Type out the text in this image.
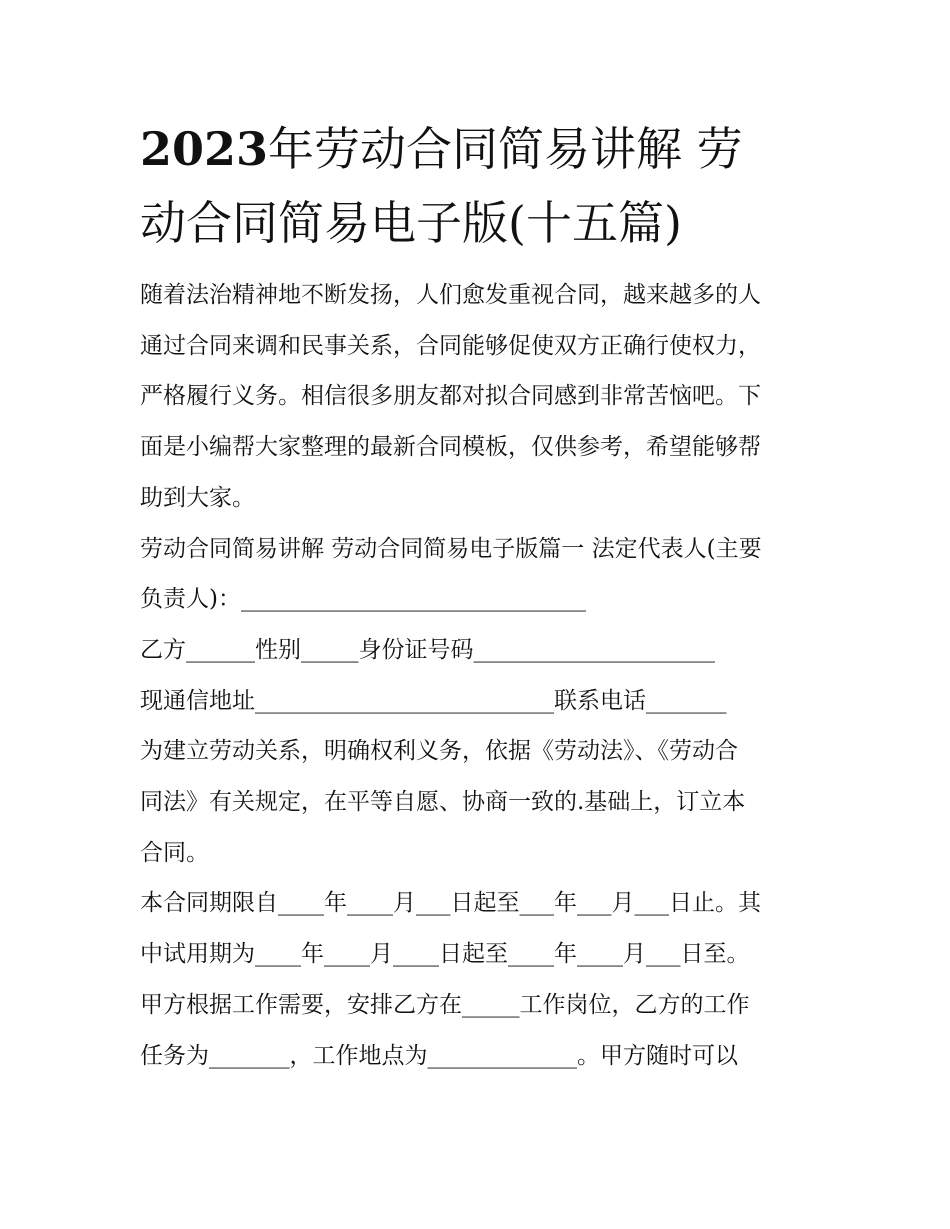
2023年劳动合同简易讲解 劳
动合同简易电子版(十五篇)
随着法治精神地不断发扬，人们愈发重视合同，越来越多的人
通过合同来调和民事关系，合同能够促使双方正确行使权力，
严格履行义务。相信很多朋友都对拟合同感到非常苦恼吧。下
面是小编帮大家整理的最新合同模板，仅供参考，希望能够帮
助到大家。
劳动合同简易讲解 劳动合同简易电子版篇一 法定代表人(主要
负责人)：______________________________
乙方______性别_____身份证号码_____________________
现通信地址__________________________联系电话_______
为建立劳动关系，明确权利义务，依据《劳动法》、《劳动合
同法》有关规定，在平等自愿、协商一致的.基础上，订立本
合同。
本合同期限自____年____月___日起至___年___月___日止。其
中试用期为____年____月____日起至____年____月___日至。
甲方根据工作需要，安排乙方在_____工作岗位，乙方的工作
任务为_______，工作地点为_____________。甲方随时可以
